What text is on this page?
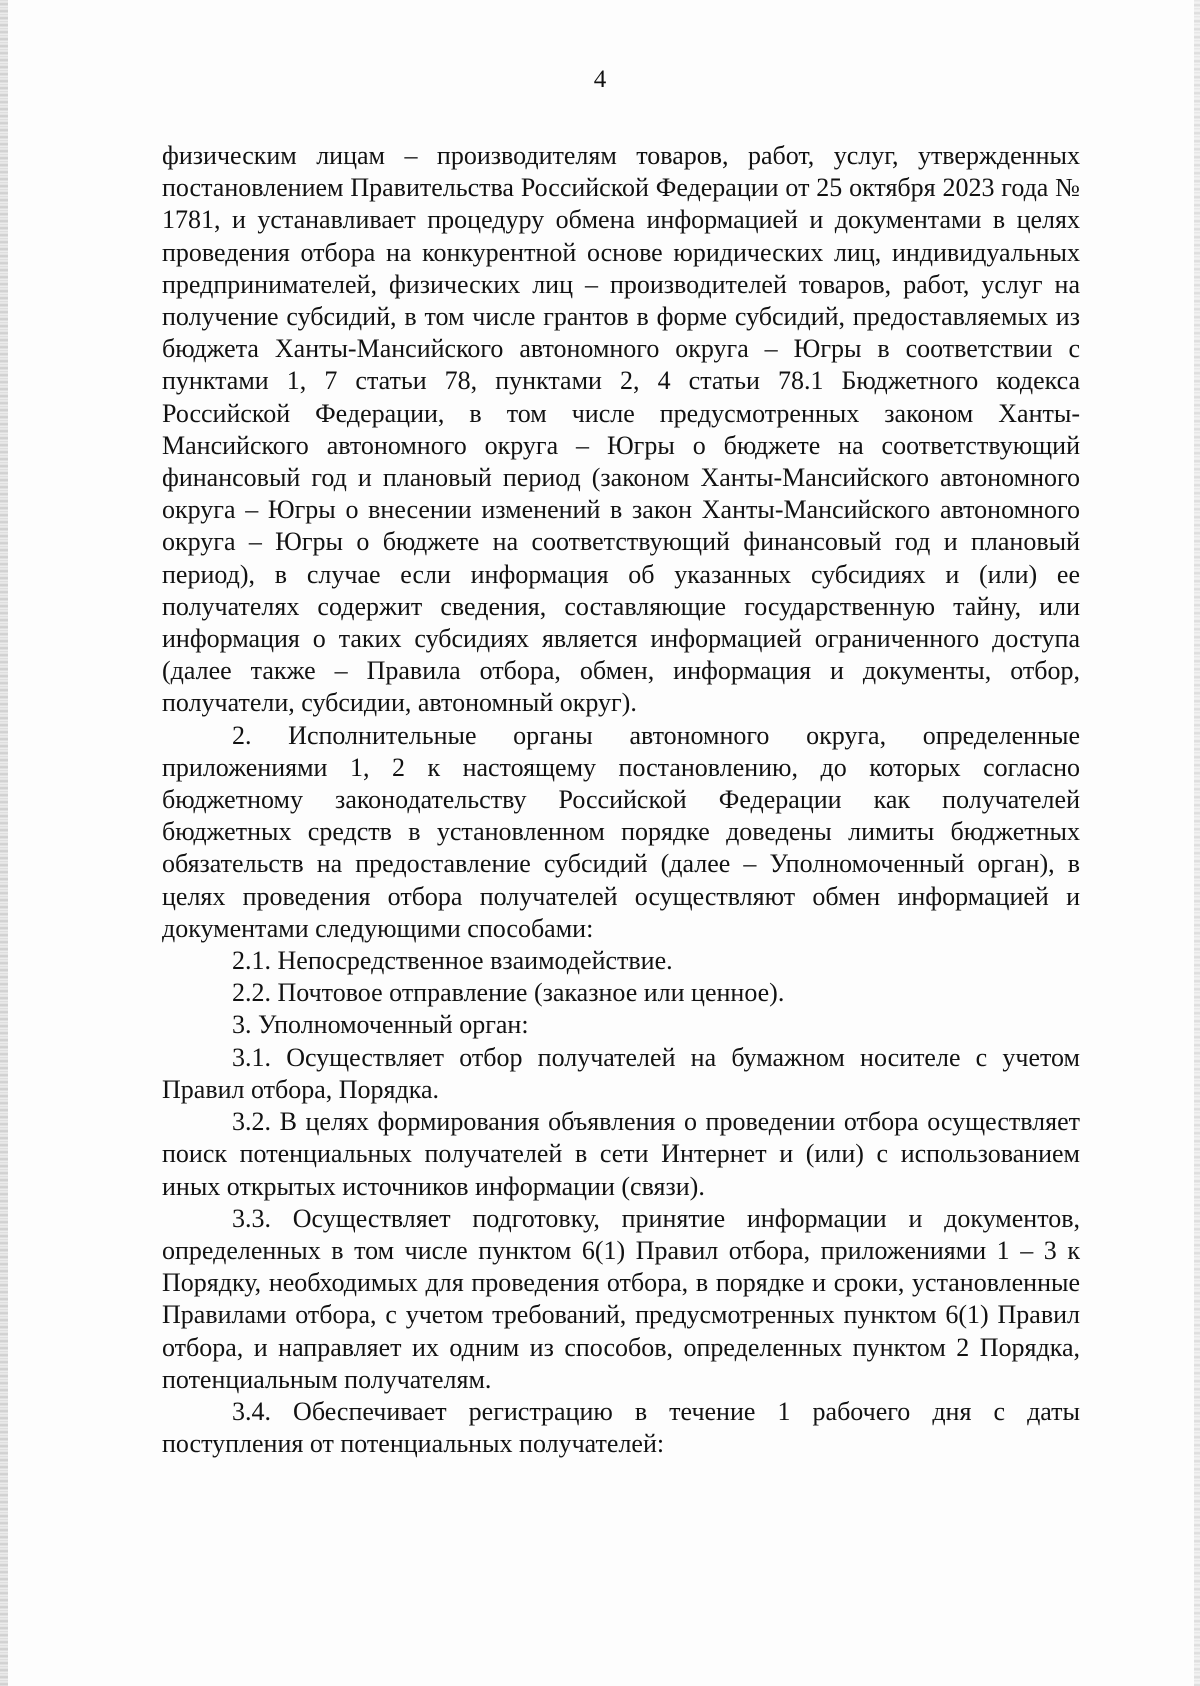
4

физическим лицам – производителям товаров, работ, услуг, утвержденных постановлением Правительства Российской Федерации от 25 октября 2023 года № 1781, и устанавливает процедуру обмена информацией и документами в целях проведения отбора на конкурентной основе юридических лиц, индивидуальных предпринимателей, физических лиц – производителей товаров, работ, услуг на получение субсидий, в том числе грантов в форме субсидий, предоставляемых из бюджета Ханты-Мансийского автономного округа – Югры в соответствии с пунктами 1, 7 статьи 78, пунктами 2, 4 статьи 78.1 Бюджетного кодекса Российской Федерации, в том числе предусмотренных законом Ханты-Мансийского автономного округа – Югры о бюджете на соответствующий финансовый год и плановый период (законом Ханты-Мансийского автономного округа – Югры о внесении изменений в закон Ханты-Мансийского автономного округа – Югры о бюджете на соответствующий финансовый год и плановый период), в случае если информация об указанных субсидиях и (или) ее получателях содержит сведения, составляющие государственную тайну, или информация о таких субсидиях является информацией ограниченного доступа (далее также – Правила отбора, обмен, информация и документы, отбор, получатели, субсидии, автономный округ).

2. Исполнительные органы автономного округа, определенные приложениями 1, 2 к настоящему постановлению, до которых согласно бюджетному законодательству Российской Федерации как получателей бюджетных средств в установленном порядке доведены лимиты бюджетных обязательств на предоставление субсидий (далее – Уполномоченный орган), в целях проведения отбора получателей осуществляют обмен информацией и документами следующими способами:

2.1. Непосредственное взаимодействие.

2.2. Почтовое отправление (заказное или ценное).

3. Уполномоченный орган:

3.1. Осуществляет отбор получателей на бумажном носителе с учетом Правил отбора, Порядка.

3.2. В целях формирования объявления о проведении отбора осуществляет поиск потенциальных получателей в сети Интернет и (или) с использованием иных открытых источников информации (связи).

3.3. Осуществляет подготовку, принятие информации и документов, определенных в том числе пунктом 6(1) Правил отбора, приложениями 1 – 3 к Порядку, необходимых для проведения отбора, в порядке и сроки, установленные Правилами отбора, с учетом требований, предусмотренных пунктом 6(1) Правил отбора, и направляет их одним из способов, определенных пунктом 2 Порядка, потенциальным получателям.

3.4. Обеспечивает регистрацию в течение 1 рабочего дня с даты поступления от потенциальных получателей:
